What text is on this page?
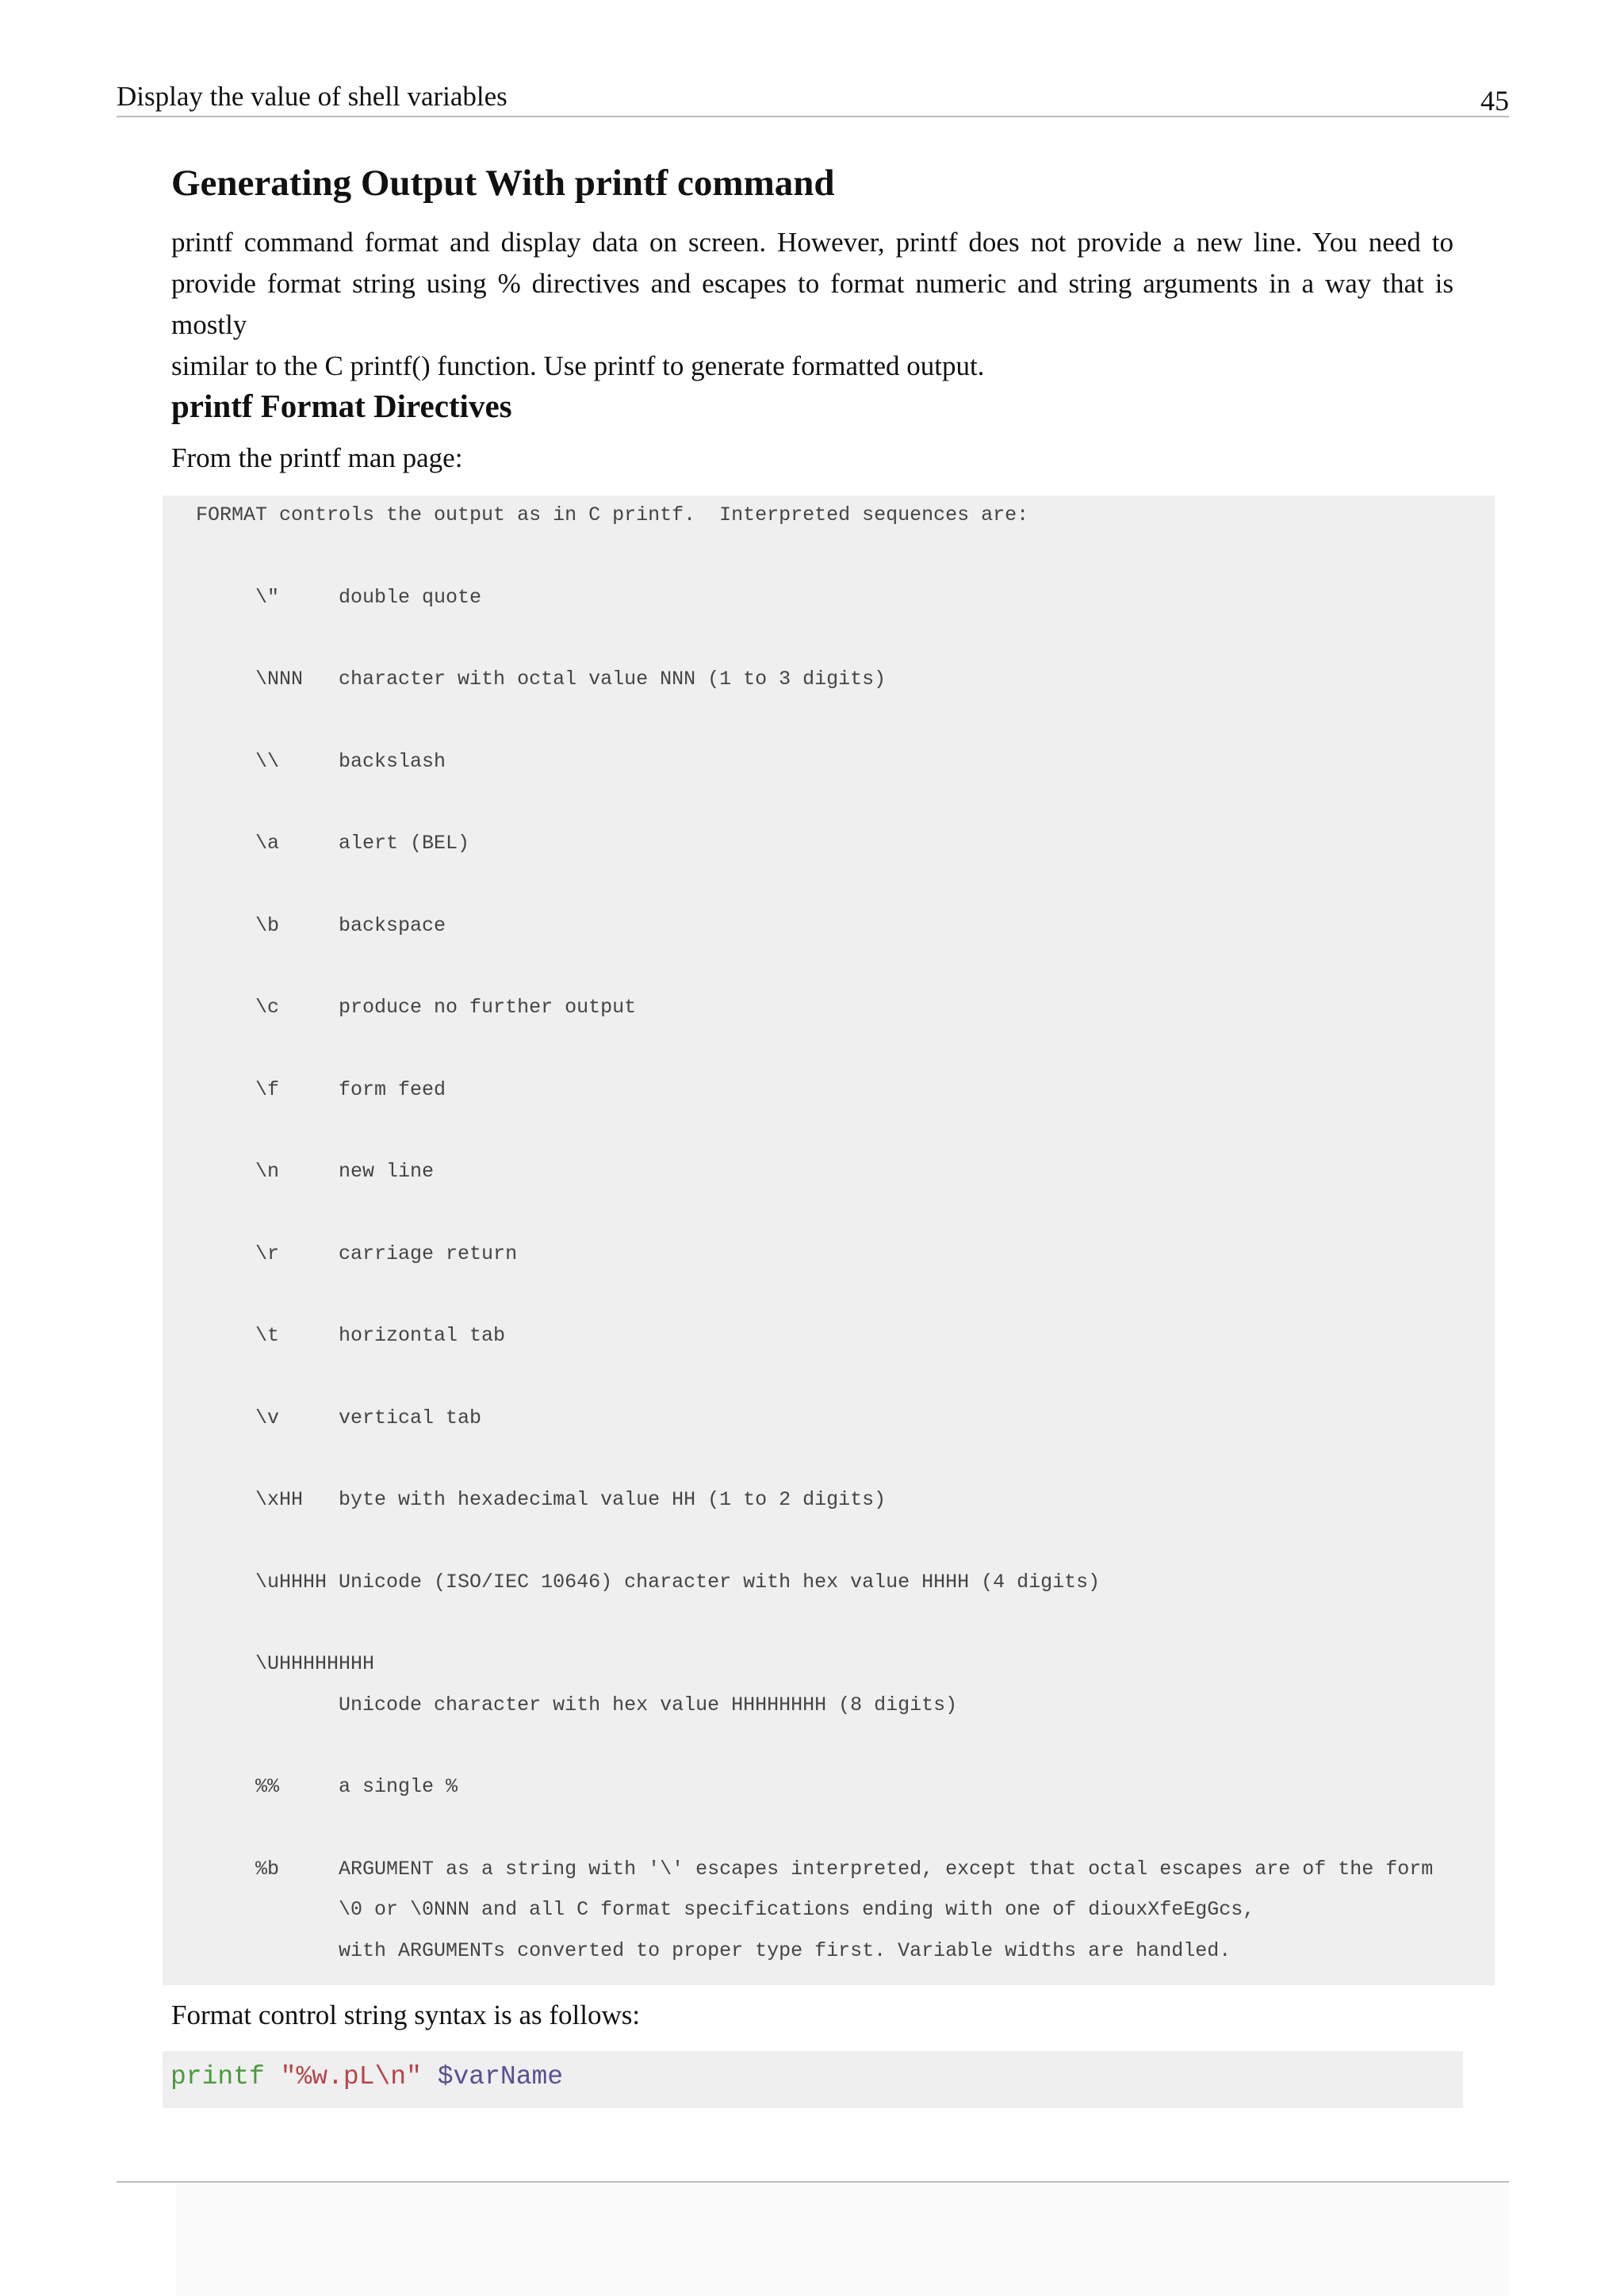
Display the value of shell variables	45
Generating Output With printf command
printf command format and display data on screen. However, printf does not provide a new line. You need to
provide format string using % directives and escapes to format numeric and string arguments in a way that is mostly
similar to the C printf() function. Use printf to generate formatted output.
printf Format Directives

From the printf man page:

FORMAT controls the output as in C printf.  Interpreted sequences are:
\"     double quote
\NNN   character with octal value NNN (1 to 3 digits)
\\     backslash
\a     alert (BEL)
\b     backspace
\c     produce no further output
\f     form feed
\n     new line
\r     carriage return
\t     horizontal tab
\v     vertical tab
\xHH   byte with hexadecimal value HH (1 to 2 digits)
\uHHHH Unicode (ISO/IEC 10646) character with hex value HHHH (4 digits)
\UHHHHHHHH
Unicode character with hex value HHHHHHHH (8 digits)
%%     a single %
%b     ARGUMENT as a string with '\' escapes interpreted, except that octal escapes are of the form
\0 or \0NNN and all C format specifications ending with one of diouxXfeEgGcs,
with ARGUMENTs converted to proper type first. Variable widths are handled.

Format control string syntax is as follows:

printf "%w.pL\n" $varName
